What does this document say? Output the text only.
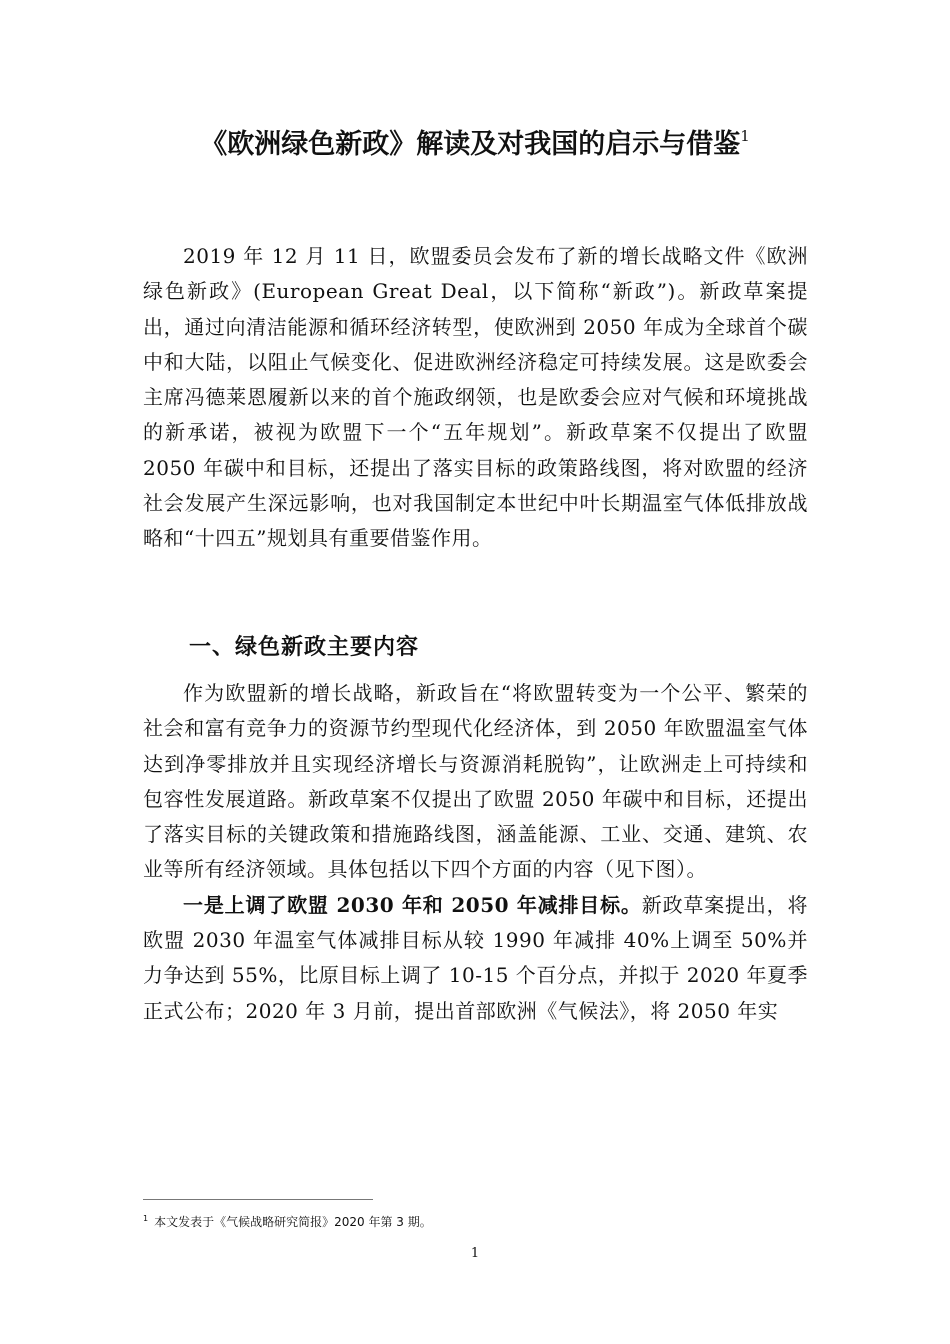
《欧洲绿色新政》解读及对我国的启示与借鉴$^1$

2019 年 12 月 11 日，欧盟委员会发布了新的增长战略文件《欧洲绿色新政》(European Great Deal，以下简称“新政”)。新政草案提出，通过向清洁能源和循环经济转型，使欧洲到 2050 年成为全球首个碳中和大陆，以阻止气候变化、促进欧洲经济稳定可持续发展。这是欧委会主席冯德莱恩履新以来的首个施政纲领，也是欧委会应对气候和环境挑战的新承诺，被视为欧盟下一个“五年规划”。新政草案不仅提出了欧盟 2050 年碳中和目标，还提出了落实目标的政策路线图，将对欧盟的经济社会发展产生深远影响，也对我国制定本世纪中叶长期温室气体低排放战略和“十四五”规划具有重要借鉴作用。

一、绿色新政主要内容

作为欧盟新的增长战略，新政旨在“将欧盟转变为一个公平、繁荣的社会和富有竞争力的资源节约型现代化经济体，到 2050 年欧盟温室气体达到净零排放并且实现经济增长与资源消耗脱钩”，让欧洲走上可持续和包容性发展道路。新政草案不仅提出了欧盟 2050 年碳中和目标，还提出了落实目标的关键政策和措施路线图，涵盖能源、工业、交通、建筑、农业等所有经济领域。具体包括以下四个方面的内容（见下图）。

一是上调了欧盟 2030 年和 2050 年减排目标。新政草案提出，将欧盟 2030 年温室气体减排目标从较 1990 年减排 40%上调至 50%并力争达到 55%，比原目标上调了 10-15 个百分点，并拟于 2020 年夏季正式公布；2020 年 3 月前，提出首部欧洲《气候法》，将 2050 年实

$^1$ 本文发表于《气候战略研究简报》2020 年第 3 期。
1
